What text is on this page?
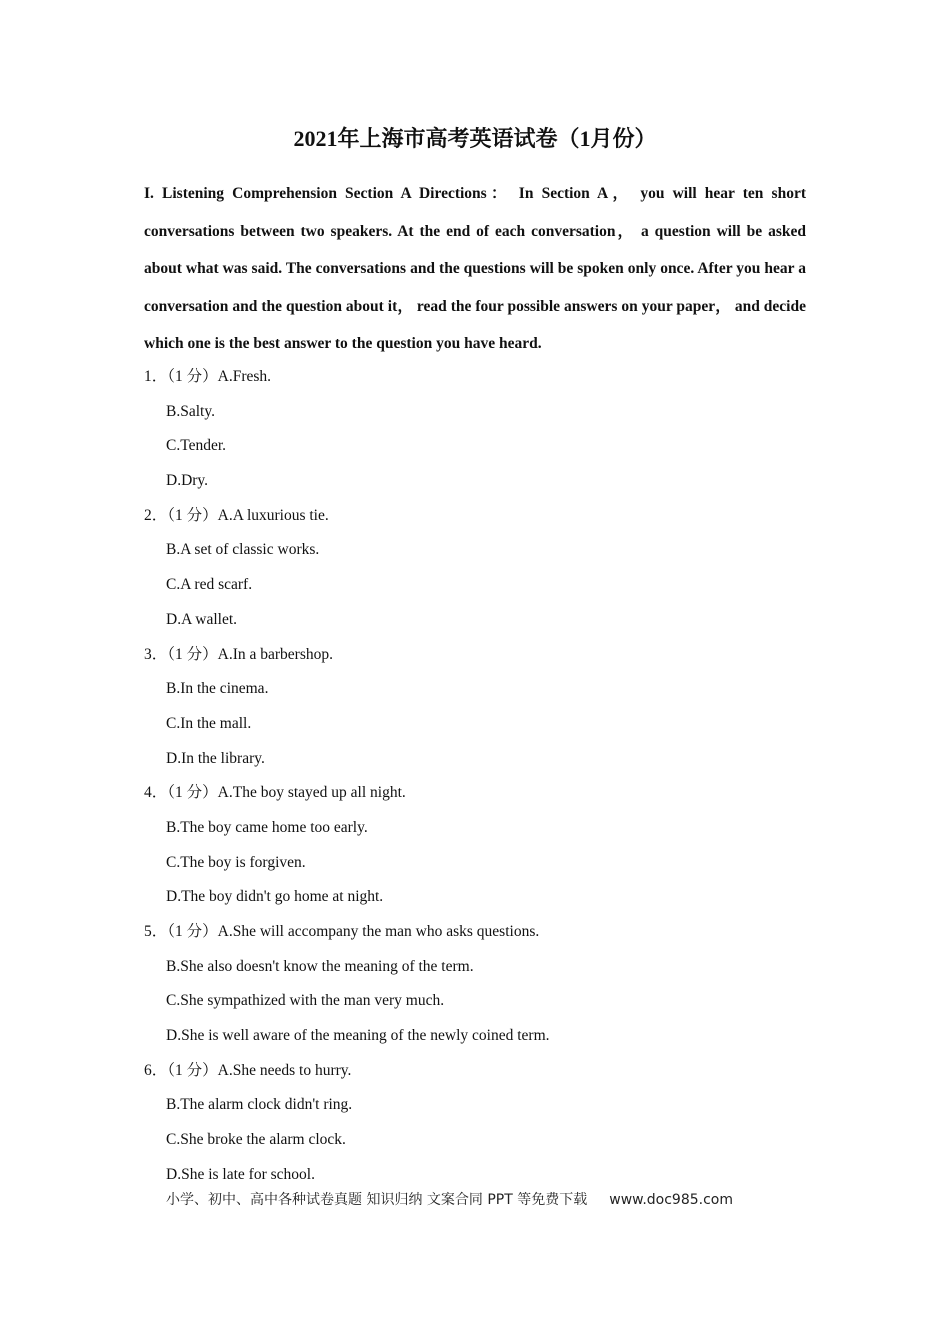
2021年上海市高考英语试卷（1月份）
I. Listening Comprehension Section A Directions： In Section A， you will hear ten short conversations between two speakers. At the end of each conversation， a question will be asked about what was said. The conversations and the questions will be spoken only once. After you hear a conversation and the question about it， read the four possible answers on your paper， and decide which one is the best answer to the question you have heard.
1．（1 分）A.Fresh.
B.Salty.
C.Tender.
D.Dry.
2．（1 分）A.A luxurious tie.
B.A set of classic works.
C.A red scarf.
D.A wallet.
3．（1 分）A.In a barbershop.
B.In the cinema.
C.In the mall.
D.In the library.
4．（1 分）A.The boy stayed up all night.
B.The boy came home too early.
C.The boy is forgiven.
D.The boy didn't go home at night.
5．（1 分）A.She will accompany the man who asks questions.
B.She also doesn't know the meaning of the term.
C.She sympathized with the man very much.
D.She is well aware of the meaning of the newly coined term.
6．（1 分）A.She needs to hurry.
B.The alarm clock didn't ring.
C.She broke the alarm clock.
D.She is late for school.
小学、初中、高中各种试卷真题 知识归纳 文案合同 PPT 等免费下载 www.doc985.com
